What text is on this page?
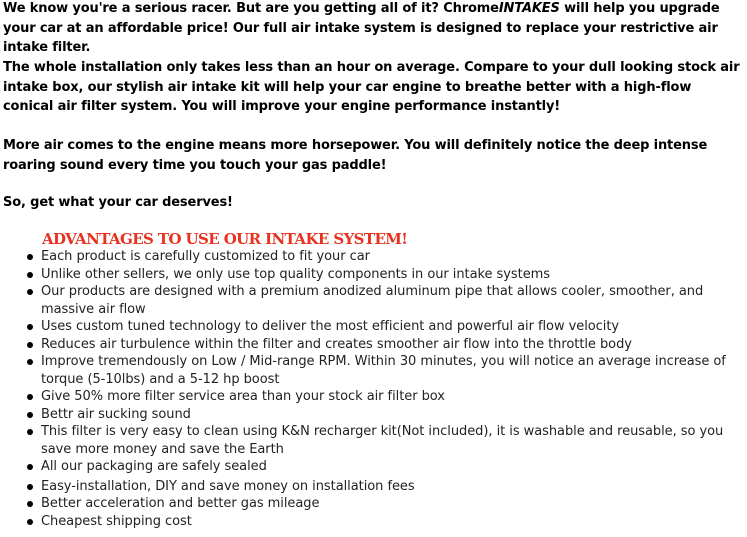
We know you're a serious racer. But are you getting all of it? ChromeINTAKES will help you upgrade your car at an affordable price! Our full air intake system is designed to replace your restrictive air intake filter.

The whole installation only takes less than an hour on average. Compare to your dull looking stock air intake box, our stylish air intake kit will help your car engine to breathe better with a high-flow conical air filter system. You will improve your engine performance instantly!

More air comes to the engine means more horsepower. You will definitely notice the deep intense roaring sound every time you touch your gas paddle!

So, get what your car deserves!

ADVANTAGES TO USE OUR INTAKE SYSTEM!
Each product is carefully customized to fit your car
Unlike other sellers, we only use top quality components in our intake systems
Our products are designed with a premium anodized aluminum pipe that allows cooler, smoother, and massive air flow
Uses custom tuned technology to deliver the most efficient and powerful air flow velocity
Reduces air turbulence within the filter and creates smoother air flow into the throttle body
Improve tremendously on Low / Mid-range RPM. Within 30 minutes, you will notice an average increase of torque (5-10lbs) and a 5-12 hp boost
Give 50% more filter service area than your stock air filter box
Bettr air sucking sound
This filter is very easy to clean using K&N recharger kit(Not included), it is washable and reusable, so you save more money and save the Earth
All our packaging are safely sealed
Easy-installation, DIY and save money on installation fees
Better acceleration and better gas mileage
Cheapest shipping cost
